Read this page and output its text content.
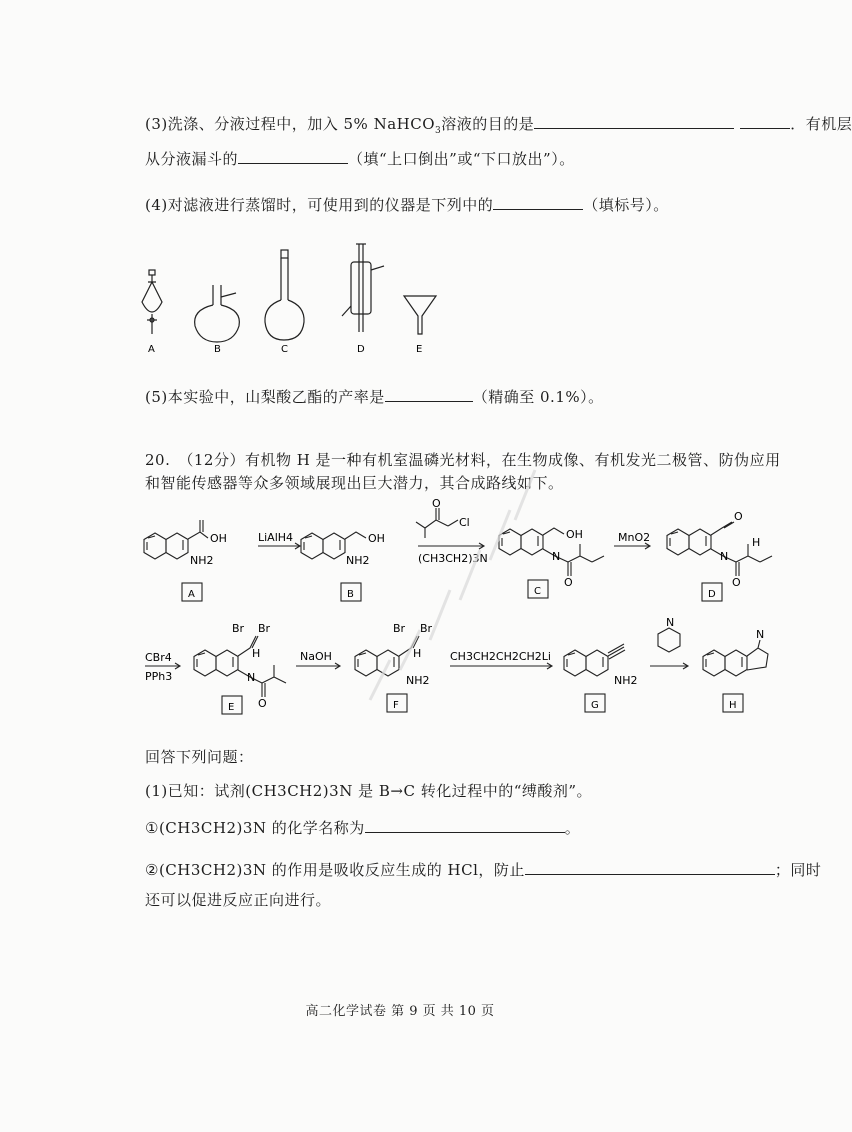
(3)洗涤、分液过程中，加入 5% NaHCO$_3$溶液的目的是	．有机层
从分液漏斗的	（填“上口倒出”或“下口放出”）。
(4)对滤液进行蒸馏时，可使用到的仪器是下列中的	（填标号）。
A	B	C	D	E
(5)本实验中，山梨酸乙酯的产率是	（精确至 0.1%）。
20.　（12分）有机物 H 是一种有机室温磷光材料，在生物成像、有机发光二极管、防伪应用
和智能传感器等众多领域展现出巨大潜力，其合成路线如下。
A	B	C	D
E	F	G	H
LiAlH4
(CH3CH2)3N
MnO2
CBr4
PPh3
NaOH	CH3CH2CH2CH2Li
OH
NH2
OH
NH2
O
Cl
OH
N
O
O
H
N
O
Br Br
H
N
O
Br Br
H
NH2	NH2
N
N
回答下列问题：
(1)已知：试剂(CH3CH2)3N 是 B→C 转化过程中的“缚酸剂”。
①(CH3CH2)3N 的化学名称为	。
②(CH3CH2)3N 的作用是吸收反应生成的 HCl，防止	；同时
还可以促进反应正向进行。
高二化学试卷 第 9 页 共 10 页
